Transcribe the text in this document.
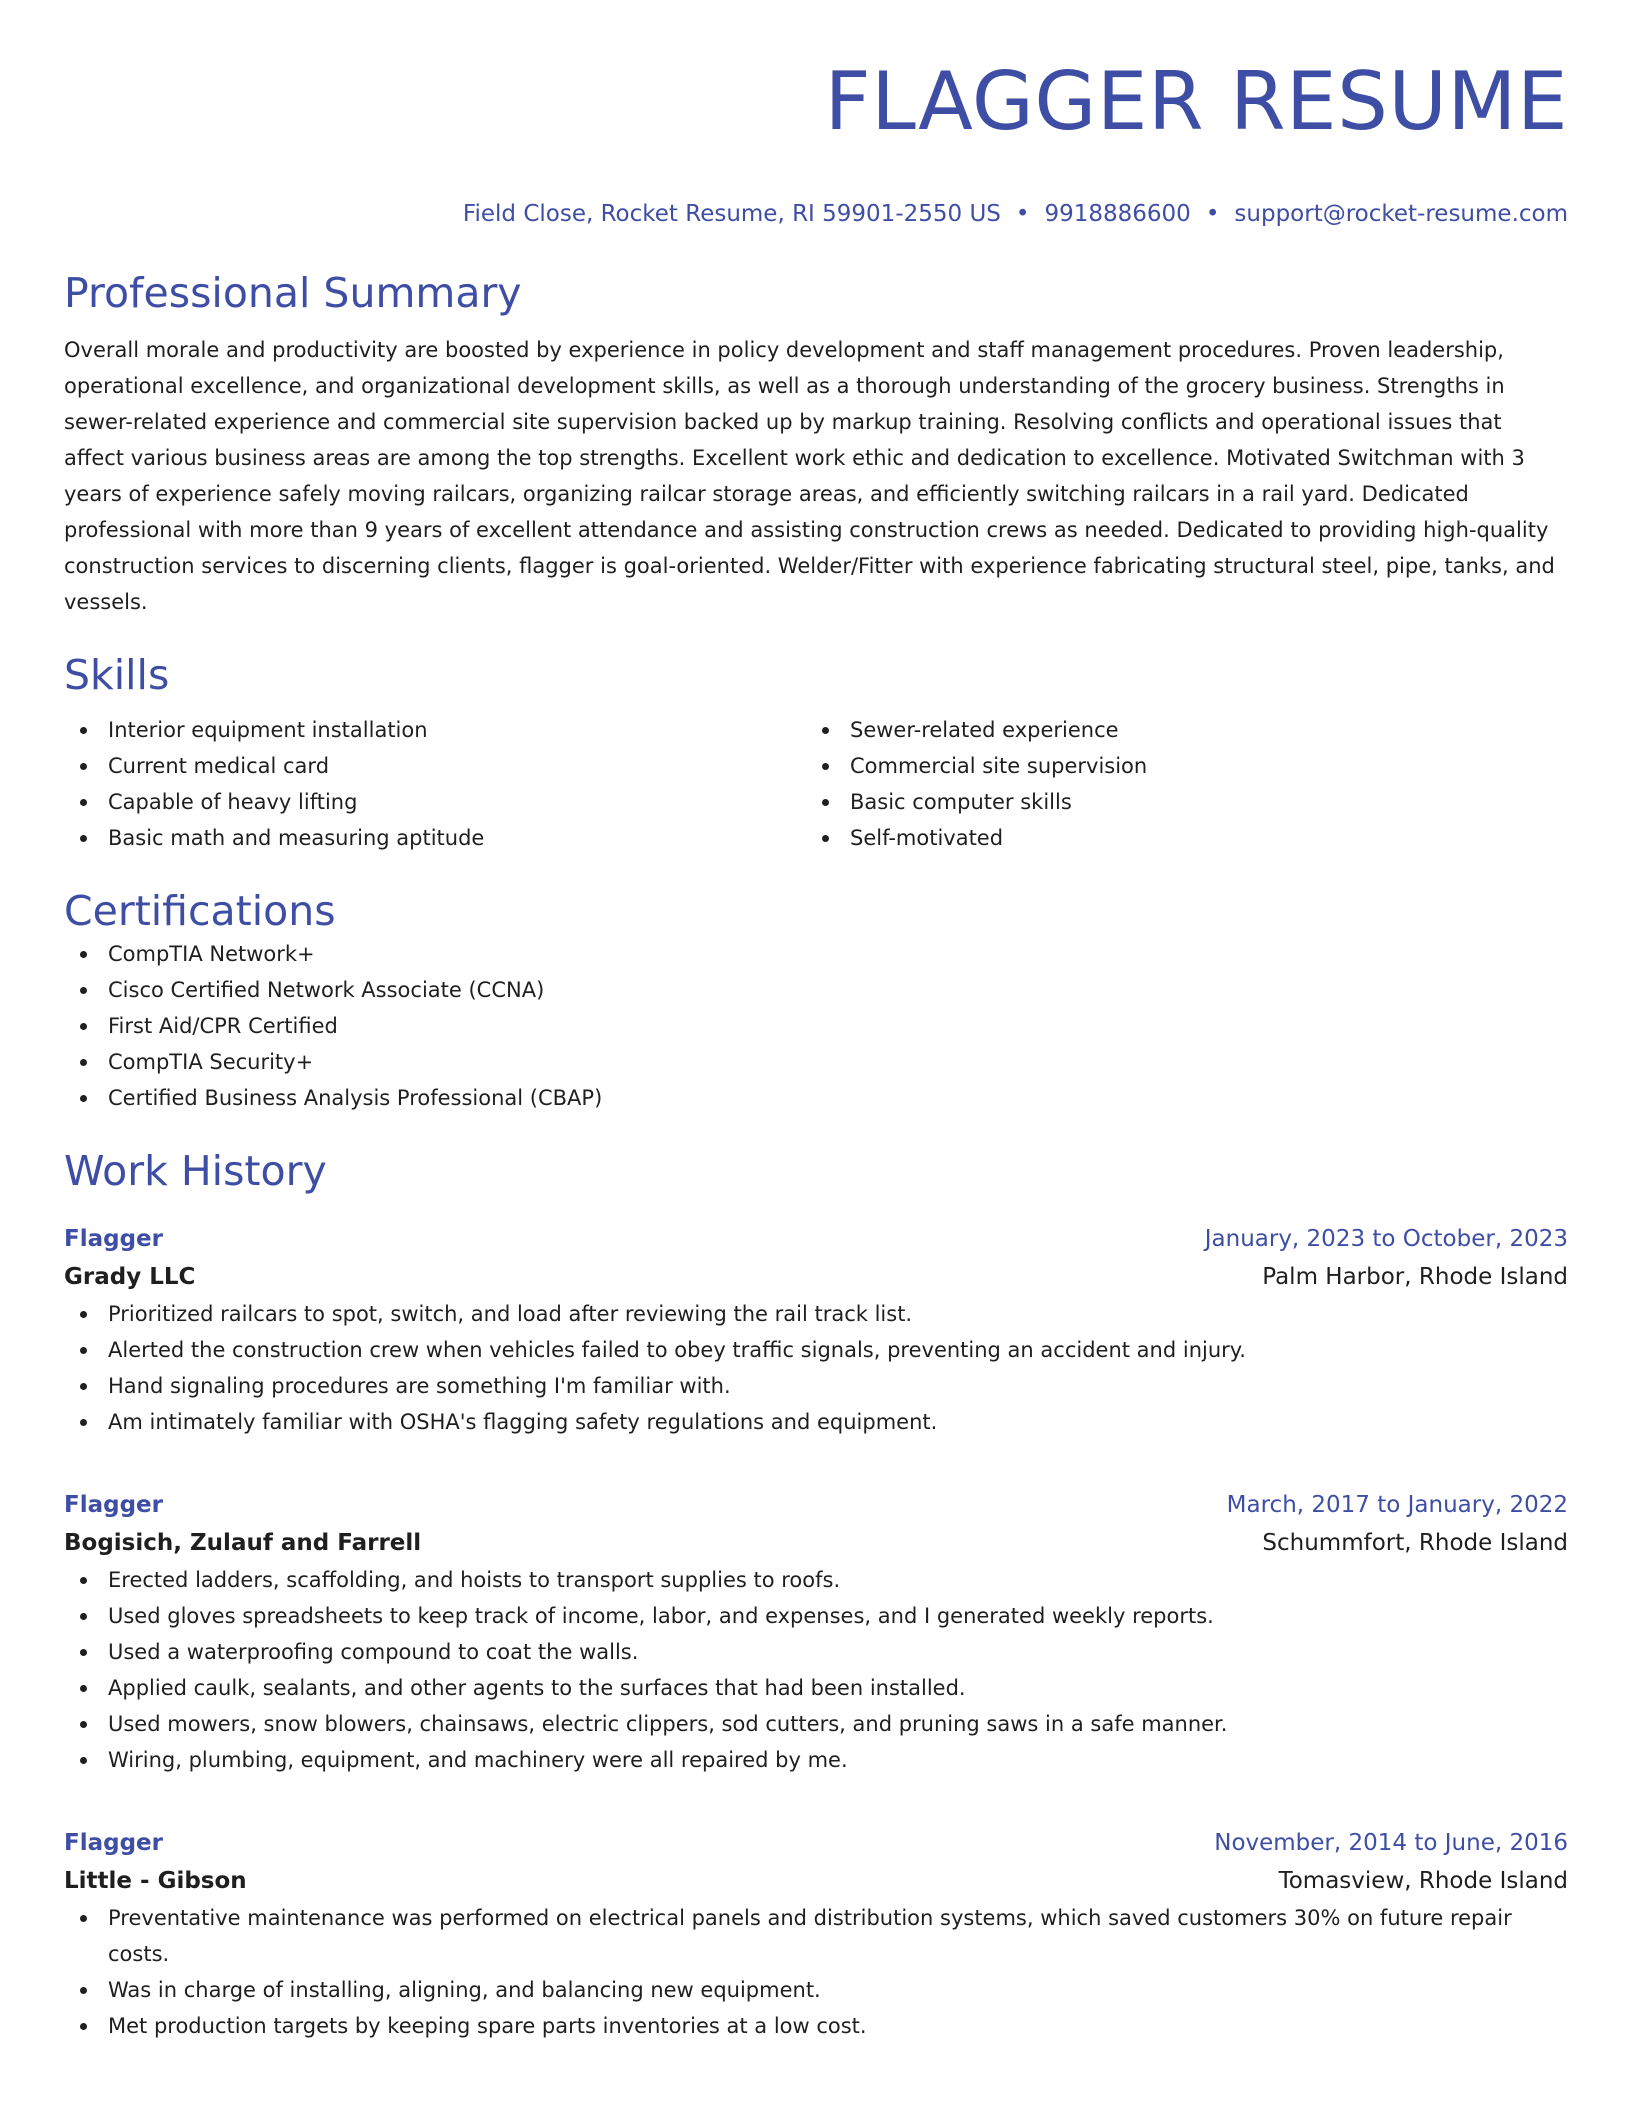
FLAGGER RESUME
Field Close, Rocket Resume, RI 59901-2550 US • 9918886600 • support@rocket-resume.com
Professional Summary
Overall morale and productivity are boosted by experience in policy development and staff management procedures. Proven leadership, operational excellence, and organizational development skills, as well as a thorough understanding of the grocery business. Strengths in sewer-related experience and commercial site supervision backed up by markup training. Resolving conflicts and operational issues that affect various business areas are among the top strengths. Excellent work ethic and dedication to excellence. Motivated Switchman with 3 years of experience safely moving railcars, organizing railcar storage areas, and efficiently switching railcars in a rail yard. Dedicated professional with more than 9 years of excellent attendance and assisting construction crews as needed. Dedicated to providing high-quality construction services to discerning clients, flagger is goal-oriented. Welder/Fitter with experience fabricating structural steel, pipe, tanks, and vessels.
Skills
Interior equipment installation
Current medical card
Capable of heavy lifting
Basic math and measuring aptitude
Sewer-related experience
Commercial site supervision
Basic computer skills
Self-motivated
Certifications
CompTIA Network+
Cisco Certified Network Associate (CCNA)
First Aid/CPR Certified
CompTIA Security+
Certified Business Analysis Professional (CBAP)
Work History
Flagger	January, 2023 to October, 2023
Grady LLC	Palm Harbor, Rhode Island
Prioritized railcars to spot, switch, and load after reviewing the rail track list.
Alerted the construction crew when vehicles failed to obey traffic signals, preventing an accident and injury.
Hand signaling procedures are something I'm familiar with.
Am intimately familiar with OSHA's flagging safety regulations and equipment.
Flagger	March, 2017 to January, 2022
Bogisich, Zulauf and Farrell	Schummfort, Rhode Island
Erected ladders, scaffolding, and hoists to transport supplies to roofs.
Used gloves spreadsheets to keep track of income, labor, and expenses, and I generated weekly reports.
Used a waterproofing compound to coat the walls.
Applied caulk, sealants, and other agents to the surfaces that had been installed.
Used mowers, snow blowers, chainsaws, electric clippers, sod cutters, and pruning saws in a safe manner.
Wiring, plumbing, equipment, and machinery were all repaired by me.
Flagger	November, 2014 to June, 2016
Little - Gibson	Tomasview, Rhode Island
Preventative maintenance was performed on electrical panels and distribution systems, which saved customers 30% on future repair costs.
Was in charge of installing, aligning, and balancing new equipment.
Met production targets by keeping spare parts inventories at a low cost.
